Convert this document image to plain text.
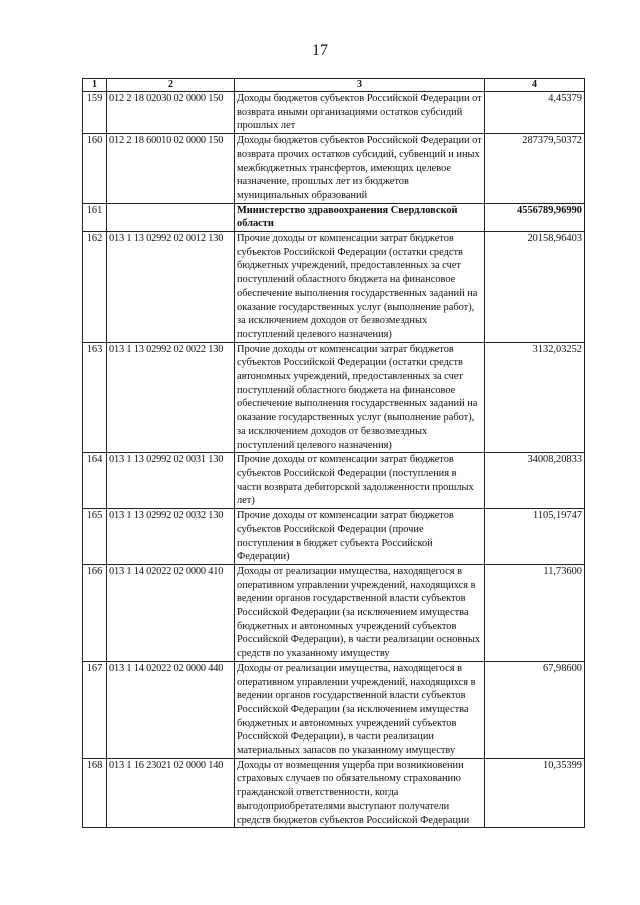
17
1	2	3	4
159	012 2 18 02030 02 0000 150	Доходы бюджетов субъектов Российской Федерации от возврата иными организациями остатков субсидий прошлых лет	4,45379
160	012 2 18 60010 02 0000 150	Доходы бюджетов субъектов Российской Федерации от возврата прочих остатков субсидий, субвенций и иных межбюджетных трансфертов, имеющих целевое назначение, прошлых лет из бюджетов муниципальных образований	287379,50372
161		Министерство здравоохранения Свердловской области	4556789,96990
162	013 1 13 02992 02 0012 130	Прочие доходы от компенсации затрат бюджетов субъектов Российской Федерации (остатки средств бюджетных учреждений, предоставленных за счет поступлений областного бюджета на финансовое обеспечение выполнения государственных заданий на оказание государственных услуг (выполнение работ), за исключением доходов от безвозмездных поступлений целевого назначения)	20158,96403
163	013 1 13 02992 02 0022 130	Прочие доходы от компенсации затрат бюджетов субъектов Российской Федерации (остатки средств автономных учреждений, предоставленных за счет поступлений областного бюджета на финансовое обеспечение выполнения государственных заданий на оказание государственных услуг (выполнение работ), за исключением доходов от безвозмездных поступлений целевого назначения)	3132,03252
164	013 1 13 02992 02 0031 130	Прочие доходы от компенсации затрат бюджетов субъектов Российской Федерации (поступления в части возврата дебиторской задолженности прошлых лет)	34008,20833
165	013 1 13 02992 02 0032 130	Прочие доходы от компенсации затрат бюджетов субъектов Российской Федерации (прочие поступления в бюджет субъекта Российской Федерации)	1105,19747
166	013 1 14 02022 02 0000 410	Доходы от реализации имущества, находящегося в оперативном управлении учреждений, находящихся в ведении органов государственной власти субъектов Российской Федерации (за исключением имущества бюджетных и автономных учреждений субъектов Российской Федерации), в части реализации основных средств по указанному имуществу	11,73600
167	013 1 14 02022 02 0000 440	Доходы от реализации имущества, находящегося в оперативном управлении учреждений, находящихся в ведении органов государственной власти субъектов Российской Федерации (за исключением имущества бюджетных и автономных учреждений субъектов Российской Федерации), в части реализации материальных запасов по указанному имуществу	67,98600
168	013 1 16 23021 02 0000 140	Доходы от возмещения ущерба при возникновении страховых случаев по обязательному страхованию гражданской ответственности, когда выгодоприобретателями выступают получатели средств бюджетов субъектов Российской Федерации	10,35399
